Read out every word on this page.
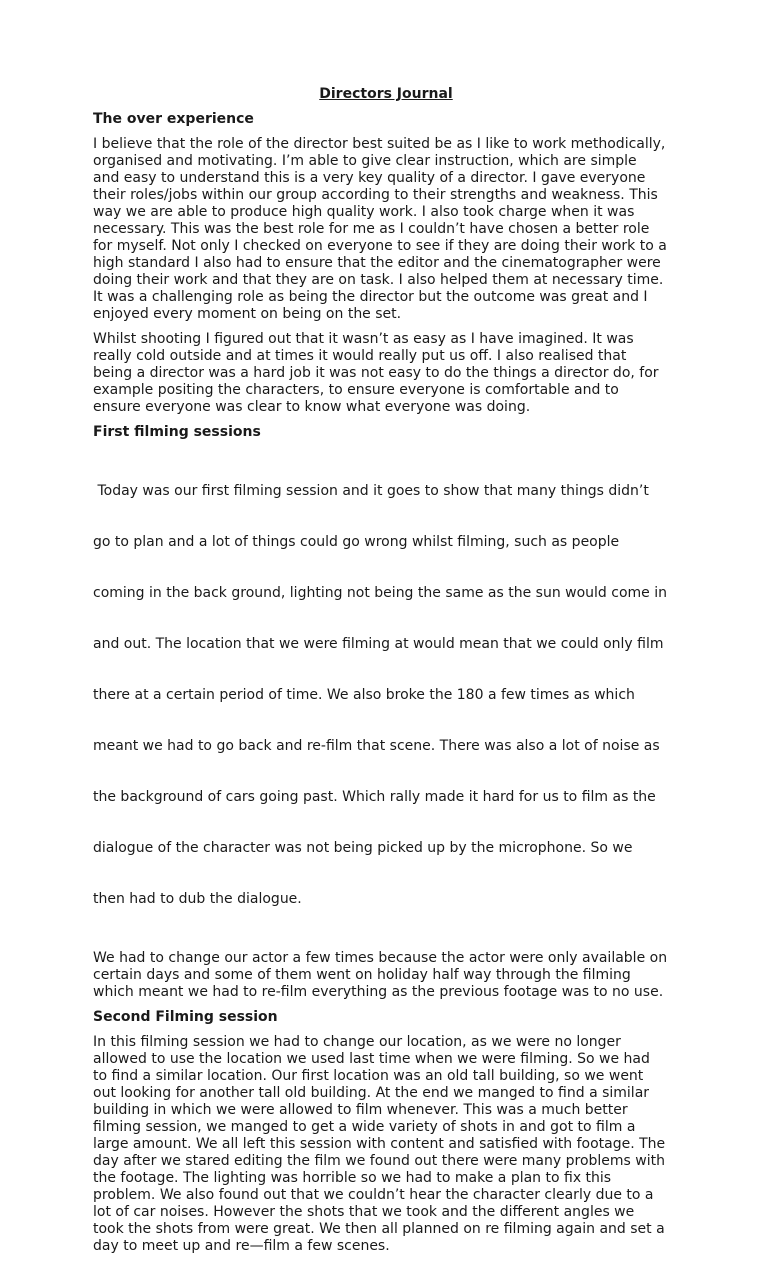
Directors Journal
The over experience
I believe that the role of the director best suited be as I like to work methodically,
organised and motivating. I’m able to give clear instruction, which are simple
and easy to understand this is a very key quality of a director. I gave everyone
their roles/jobs within our group according to their strengths and weakness. This
way we are able to produce high quality work. I also took charge when it was
necessary. This was the best role for me as I couldn’t have chosen a better role
for myself. Not only I checked on everyone to see if they are doing their work to a
high standard I also had to ensure that the editor and the cinematographer were
doing their work and that they are on task. I also helped them at necessary time.
It was a challenging role as being the director but the outcome was great and I
enjoyed every moment on being on the set.
Whilst shooting I figured out that it wasn’t as easy as I have imagined. It was
really cold outside and at times it would really put us off. I also realised that
being a director was a hard job it was not easy to do the things a director do, for
example positing the characters, to ensure everyone is comfortable and to
ensure everyone was clear to know what everyone was doing.
First filming sessions

Today was our first filming session and it goes to show that many things didn’t

go to plan and a lot of things could go wrong whilst filming, such as people

coming in the back ground, lighting not being the same as the sun would come in

and out. The location that we were filming at would mean that we could only film

there at a certain period of time. We also broke the 180 a few times as which

meant we had to go back and re-film that scene. There was also a lot of noise as

the background of cars going past. Which rally made it hard for us to film as the

dialogue of the character was not being picked up by the microphone. So we

then had to dub the dialogue.

We had to change our actor a few times because the actor were only available on
certain days and some of them went on holiday half way through the filming
which meant we had to re-film everything as the previous footage was to no use.
Second Filming session
In this filming session we had to change our location, as we were no longer
allowed to use the location we used last time when we were filming. So we had
to find a similar location. Our first location was an old tall building, so we went
out looking for another tall old building. At the end we manged to find a similar
building in which we were allowed to film whenever. This was a much better
filming session, we manged to get a wide variety of shots in and got to film a
large amount. We all left this session with content and satisfied with footage. The
day after we stared editing the film we found out there were many problems with
the footage. The lighting was horrible so we had to make a plan to fix this
problem. We also found out that we couldn’t hear the character clearly due to a
lot of car noises. However the shots that we took and the different angles we
took the shots from were great. We then all planned on re filming again and set a
day to meet up and re—film a few scenes.
